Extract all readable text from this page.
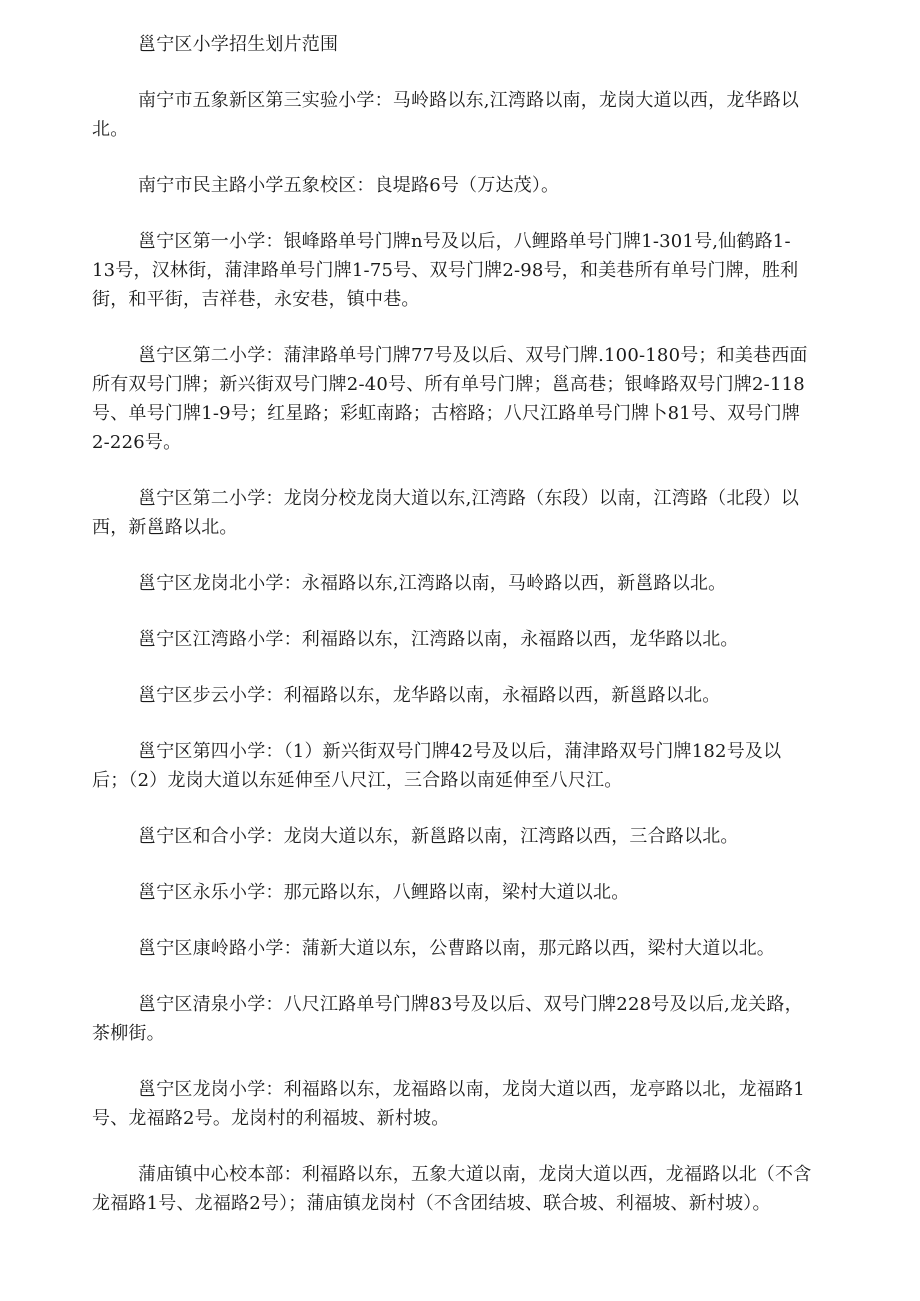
邕宁区小学招生划片范围

南宁市五象新区第三实验小学：马岭路以东,江湾路以南，龙岗大道以西，龙华路以北。

南宁市民主路小学五象校区：良堤路6号（万达茂）。

邕宁区第一小学：银峰路单号门牌n号及以后，八鲤路单号门牌1-301号,仙鹤路1-13号，汉林街，蒲津路单号门牌1-75号、双号门牌2-98号，和美巷所有单号门牌，胜利街，和平街，吉祥巷，永安巷，镇中巷。

邕宁区第二小学：蒲津路单号门牌77号及以后、双号门牌.100-180号；和美巷西面所有双号门牌；新兴街双号门牌2-40号、所有单号门牌；邕高巷；银峰路双号门牌2-118号、单号门牌1-9号；红星路；彩虹南路；古榕路；八尺江路单号门牌卜81号、双号门牌2-226号。

邕宁区第二小学：龙岗分校龙岗大道以东,江湾路（东段）以南，江湾路（北段）以西，新邕路以北。

邕宁区龙岗北小学：永福路以东,江湾路以南，马岭路以西，新邕路以北。

邕宁区江湾路小学：利福路以东，江湾路以南，永福路以西，龙华路以北。

邕宁区步云小学：利福路以东，龙华路以南，永福路以西，新邕路以北。

邕宁区第四小学：（1）新兴街双号门牌42号及以后，蒲津路双号门牌182号及以后；（2）龙岗大道以东延伸至八尺江，三合路以南延伸至八尺江。

邕宁区和合小学：龙岗大道以东，新邕路以南，江湾路以西，三合路以北。

邕宁区永乐小学：那元路以东，八鲤路以南，梁村大道以北。

邕宁区康岭路小学：蒲新大道以东，公曹路以南，那元路以西，梁村大道以北。

邕宁区清泉小学：八尺江路单号门牌83号及以后、双号门牌228号及以后,龙关路，茶柳街。

邕宁区龙岗小学：利福路以东，龙福路以南，龙岗大道以西，龙亭路以北，龙福路1号、龙福路2号。龙岗村的利福坡、新村坡。

蒲庙镇中心校本部：利福路以东，五象大道以南，龙岗大道以西，龙福路以北（不含龙福路1号、龙福路2号）；蒲庙镇龙岗村（不含团结坡、联合坡、利福坡、新村坡）。
